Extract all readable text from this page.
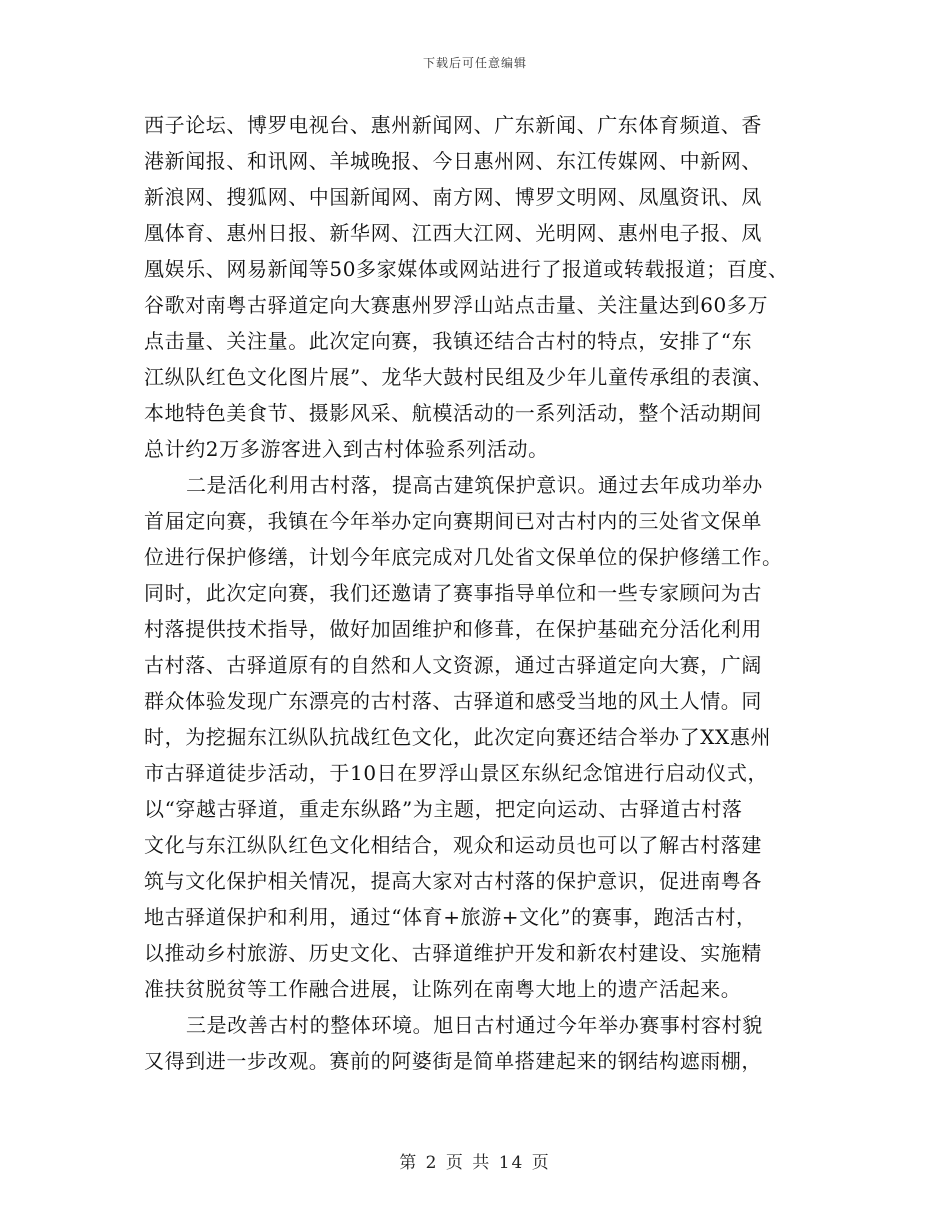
下载后可任意编辑
西子论坛、博罗电视台、惠州新闻网、广东新闻、广东体育频道、香
港新闻报、和讯网、羊城晚报、今日惠州网、东江传媒网、中新网、
新浪网、搜狐网、中国新闻网、南方网、博罗文明网、凤凰资讯、凤
凰体育、惠州日报、新华网、江西大江网、光明网、惠州电子报、凤
凰娱乐、网易新闻等50多家媒体或网站进行了报道或转载报道；百度、
谷歌对南粤古驿道定向大赛惠州罗浮山站点击量、关注量达到60多万
点击量、关注量。此次定向赛，我镇还结合古村的特点，安排了“东
江纵队红色文化图片展”、龙华大鼓村民组及少年儿童传承组的表演、
本地特色美食节、摄影风采、航模活动的一系列活动，整个活动期间
总计约2万多游客进入到古村体验系列活动。
二是活化利用古村落，提高古建筑保护意识。通过去年成功举办
首届定向赛，我镇在今年举办定向赛期间已对古村内的三处省文保单
位进行保护修缮，计划今年底完成对几处省文保单位的保护修缮工作。
同时，此次定向赛，我们还邀请了赛事指导单位和一些专家顾问为古
村落提供技术指导，做好加固维护和修葺，在保护基础充分活化利用
古村落、古驿道原有的自然和人文资源，通过古驿道定向大赛，广阔
群众体验发现广东漂亮的古村落、古驿道和感受当地的风土人情。同
时，为挖掘东江纵队抗战红色文化，此次定向赛还结合举办了XX惠州
市古驿道徒步活动，于10日在罗浮山景区东纵纪念馆进行启动仪式，
以“穿越古驿道，重走东纵路”为主题，把定向运动、古驿道古村落
文化与东江纵队红色文化相结合，观众和运动员也可以了解古村落建
筑与文化保护相关情况，提高大家对古村落的保护意识，促进南粤各
地古驿道保护和利用，通过“体育+旅游+文化”的赛事，跑活古村，
以推动乡村旅游、历史文化、古驿道维护开发和新农村建设、实施精
准扶贫脱贫等工作融合进展，让陈列在南粤大地上的遗产活起来。
三是改善古村的整体环境。旭日古村通过今年举办赛事村容村貌
又得到进一步改观。赛前的阿婆街是简单搭建起来的钢结构遮雨棚，
第 2 页 共 14 页
